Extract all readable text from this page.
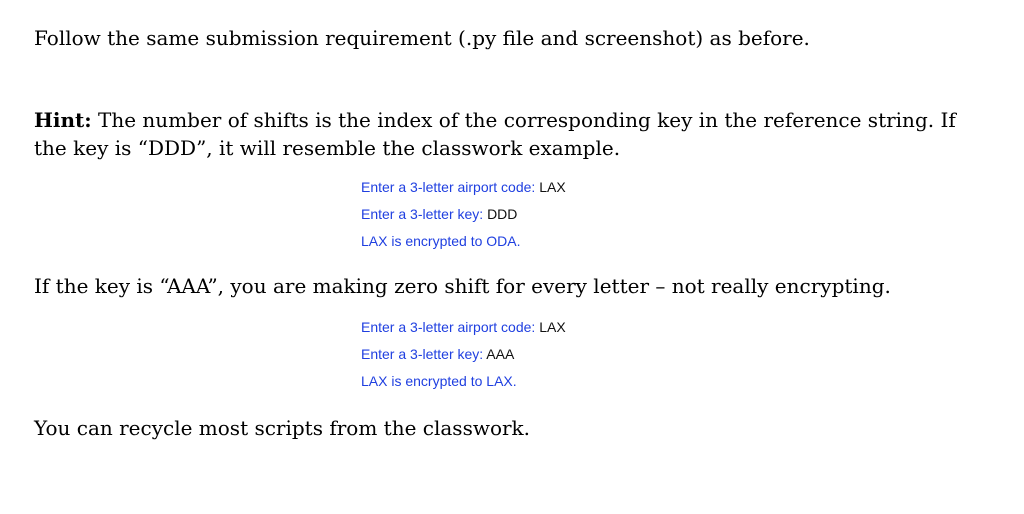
Follow the same submission requirement (.py file and screenshot) as before.

Hint: The number of shifts is the index of the corresponding key in the reference string. If the key is “DDD”, it will resemble the classwork example.

Enter a 3-letter airport code: LAX
Enter a 3-letter key: DDD
LAX is encrypted to ODA.

If the key is “AAA”, you are making zero shift for every letter – not really encrypting.

Enter a 3-letter airport code: LAX
Enter a 3-letter key: AAA
LAX is encrypted to LAX.

You can recycle most scripts from the classwork.
